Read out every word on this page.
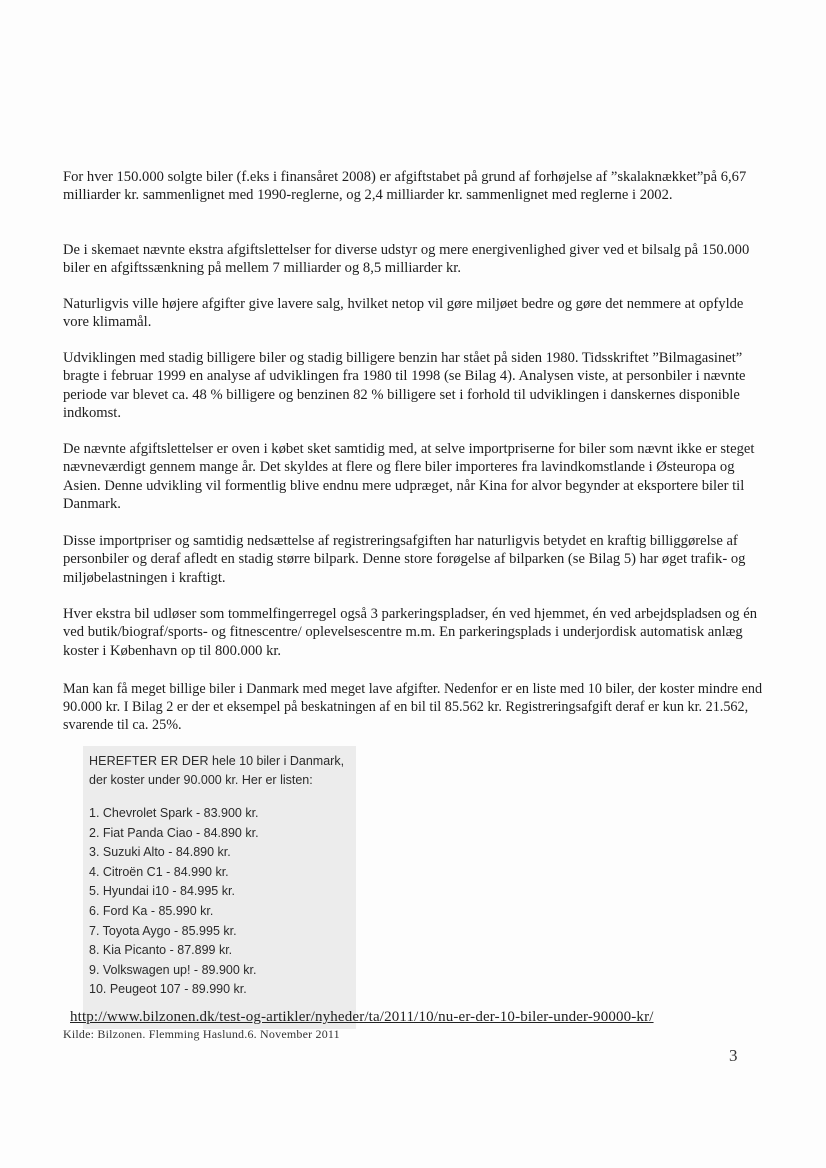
For hver 150.000 solgte biler (f.eks i finansåret 2008) er afgiftstabet på grund af forhøjelse af ”skalaknækket”på 6,67 milliarder kr. sammenlignet med 1990-reglerne, og 2,4 milliarder kr. sammenlignet med reglerne i 2002.

De i skemaet nævnte ekstra afgiftslettelser for diverse udstyr og mere energivenlighed giver ved et bilsalg på 150.000 biler en afgiftssænkning på mellem 7 milliarder og 8,5 milliarder kr.

Naturligvis ville højere afgifter give lavere salg, hvilket netop vil gøre miljøet bedre og gøre det nemmere at opfylde vore klimamål.

Udviklingen med stadig billigere biler og stadig billigere benzin har stået på siden 1980. Tidsskriftet ”Bilmagasinet” bragte i februar 1999 en analyse af udviklingen fra 1980 til 1998 (se Bilag 4). Analysen viste, at personbiler i nævnte periode var blevet ca. 48 % billigere og benzinen 82 % billigere set i forhold til udviklingen i danskernes disponible indkomst.

De nævnte afgiftslettelser er oven i købet sket samtidig med, at selve importpriserne for biler som nævnt ikke er steget nævneværdigt gennem mange år. Det skyldes at flere og flere biler importeres fra lavindkomstlande i Østeuropa og Asien. Denne udvikling vil formentlig blive endnu mere udpræget, når Kina for alvor begynder at eksportere biler til Danmark.

Disse importpriser og samtidig nedsættelse af registreringsafgiften har naturligvis betydet en kraftig billiggørelse af personbiler og deraf afledt en stadig større bilpark. Denne store forøgelse af bilparken (se Bilag 5) har øget trafik- og miljøbelastningen i kraftigt.

Hver ekstra bil udløser som tommelfingerregel også 3 parkeringspladser, én ved hjemmet, én ved arbejdspladsen og én ved butik/biograf/sports- og fitnescentre/ oplevelsescentre m.m. En parkeringsplads i underjordisk automatisk anlæg koster i København op til 800.000 kr.

Man kan få meget billige biler i Danmark med meget lave afgifter. Nedenfor er en liste med 10 biler, der koster mindre end 90.000 kr. I Bilag 2 er der et eksempel på beskatningen af en bil til 85.562 kr. Registreringsafgift deraf er kun kr. 21.562, svarende til ca. 25%.

HEREFTER ER DER hele 10 biler i Danmark, der koster under 90.000 kr. Her er listen:
1. Chevrolet Spark - 83.900 kr.
2. Fiat Panda Ciao - 84.890 kr.
3. Suzuki Alto - 84.890 kr.
4. Citroën C1 - 84.990 kr.
5. Hyundai i10 - 84.995 kr.
6. Ford Ka - 85.990 kr.
7. Toyota Aygo - 85.995 kr.
8. Kia Picanto - 87.899 kr.
9. Volkswagen up! - 89.900 kr.
10. Peugeot 107 - 89.990 kr.
http://www.bilzonen.dk/test-og-artikler/nyheder/ta/2011/10/nu-er-der-10-biler-under-90000-kr/
Kilde: Bilzonen. Flemming Haslund.6. November 2011
3
